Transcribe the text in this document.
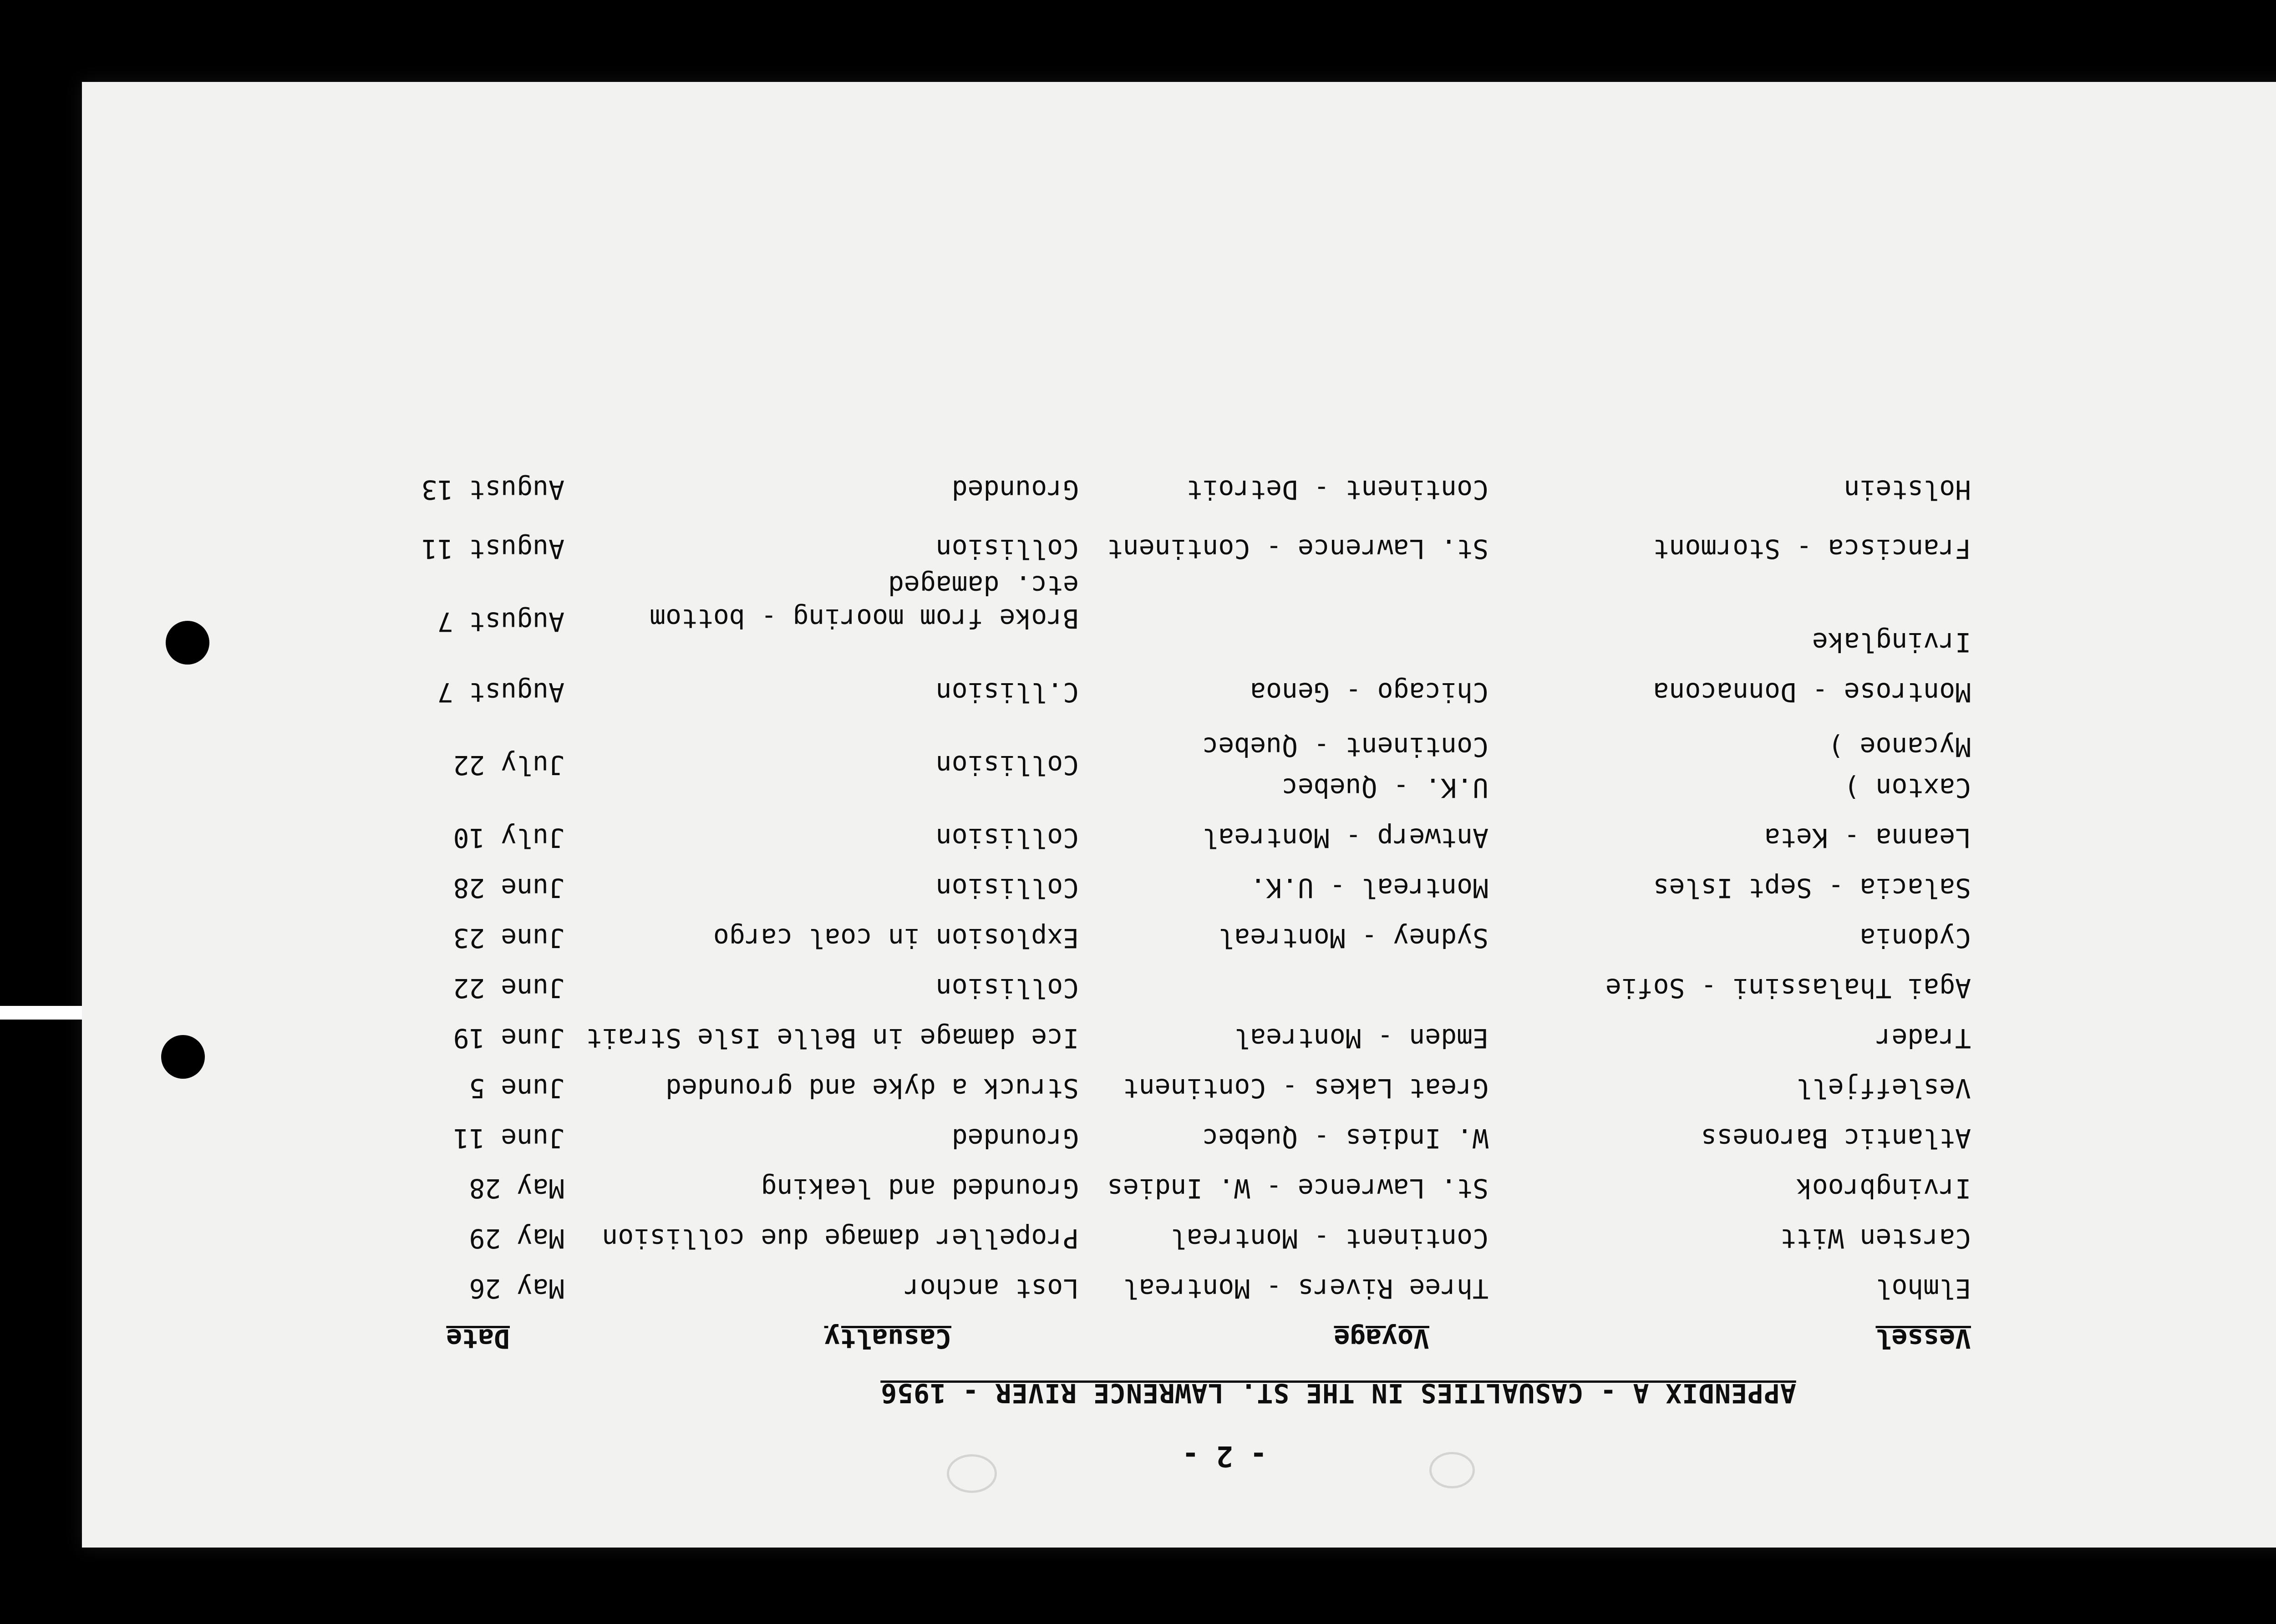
- 2 -
APPENDIX A - CASUALTIES IN THE ST. LAWRENCE RIVER - 1956
Vessel
Voyage
Casualty
Date
Elmhol
Three Rivers - Montreal
Lost anchor
May 26
Carsten Witt
Continent - Montreal
Propeller damage due collision
May 29
Irvingbrook
St. Lawrence - W. Indies
Grounded and leaking
May 28
Atlantic Baroness
W. Indies - Quebec
Grounded
June 11
Vesleffjell
Great Lakes - Continent
Struck a dyke and grounded
June 5
Trader
Emden - Montreal
Ice damage in Belle Isle Strait
June 19
Agai Thalassini - Sofie
Collision
June 22
Cydonia
Sydney - Montreal
Explosion in coal cargo
June 23
Salacia - Sept Isles
Montreal - U.K.
Collision
June 28
Leanna - Keta
Antwerp - Montreal
Collision
July 10
Caxton )
U.K. - Quebec
Collision
July 22
Mycanoe )
Continent - Quebec
Montrose - Donnacona
Chicago - Genoa
C.llision
August 7
Irvinglake
Broke from mooring - bottom etc. damaged
August 7
Francisca - Stormont
St. Lawrence - Continent
Collision
August 11
Holstein
Continent - Detroit
Grounded
August 13
